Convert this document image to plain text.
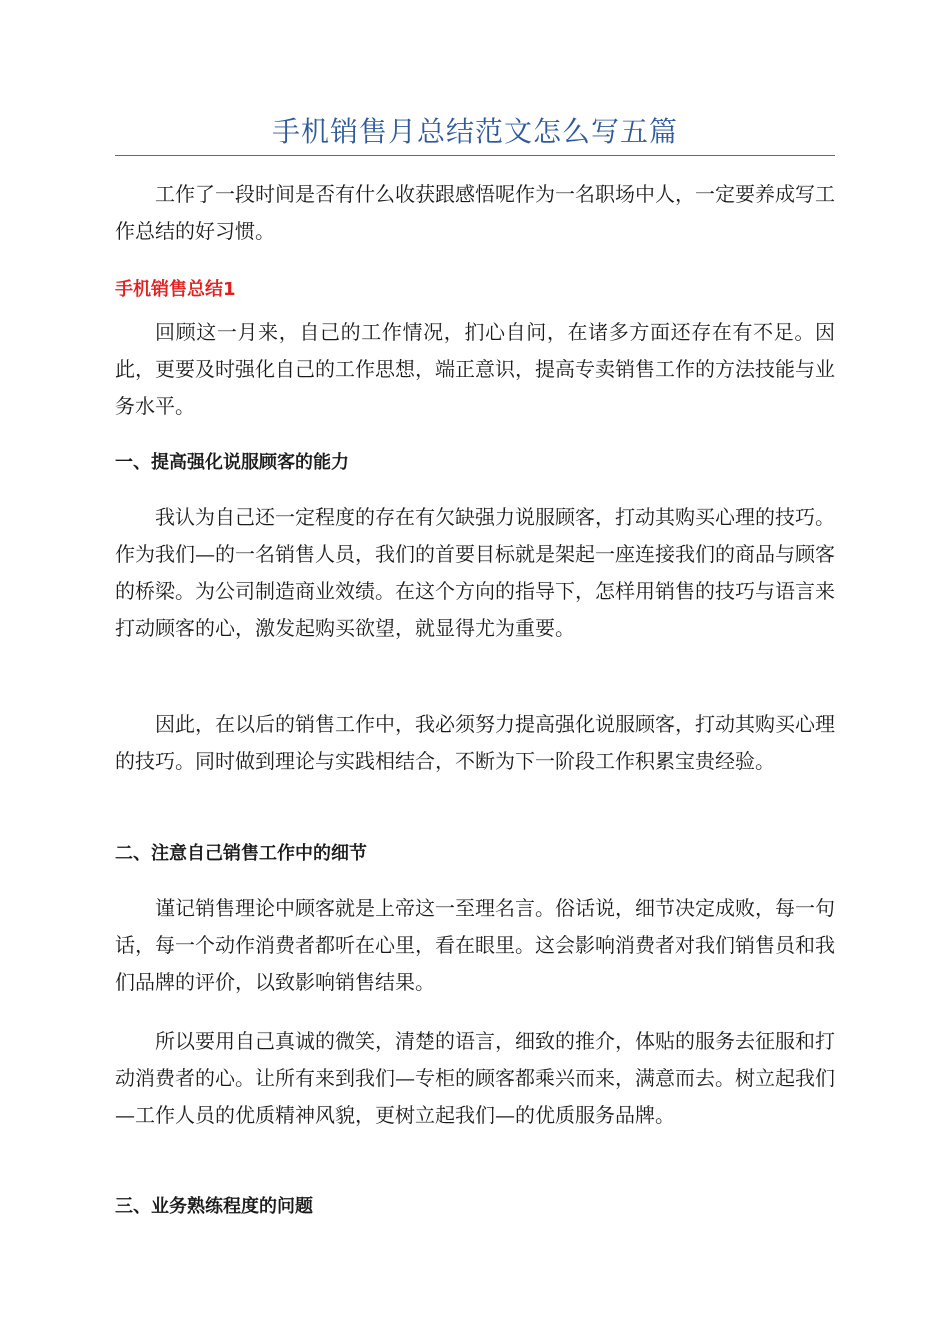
手机销售月总结范文怎么写五篇

工作了一段时间是否有什么收获跟感悟呢作为一名职场中人，一定要养成写工作总结的好习惯。

手机销售总结1

回顾这一月来，自己的工作情况，扪心自问，在诸多方面还存在有不足。因此，更要及时强化自己的工作思想，端正意识，提高专卖销售工作的方法技能与业务水平。

一、提高强化说服顾客的能力

我认为自己还一定程度的存在有欠缺强力说服顾客，打动其购买心理的技巧。作为我们—的一名销售人员，我们的首要目标就是架起一座连接我们的商品与顾客的桥梁。为公司制造商业效绩。在这个方向的指导下，怎样用销售的技巧与语言来打动顾客的心，激发起购买欲望，就显得尤为重要。

因此，在以后的销售工作中，我必须努力提高强化说服顾客，打动其购买心理的技巧。同时做到理论与实践相结合，不断为下一阶段工作积累宝贵经验。

二、注意自己销售工作中的细节

谨记销售理论中顾客就是上帝这一至理名言。俗话说，细节决定成败，每一句话，每一个动作消费者都听在心里，看在眼里。这会影响消费者对我们销售员和我们品牌的评价，以致影响销售结果。

所以要用自己真诚的微笑，清楚的语言，细致的推介，体贴的服务去征服和打动消费者的心。让所有来到我们—专柜的顾客都乘兴而来，满意而去。树立起我们—工作人员的优质精神风貌，更树立起我们—的优质服务品牌。

三、业务熟练程度的问题
